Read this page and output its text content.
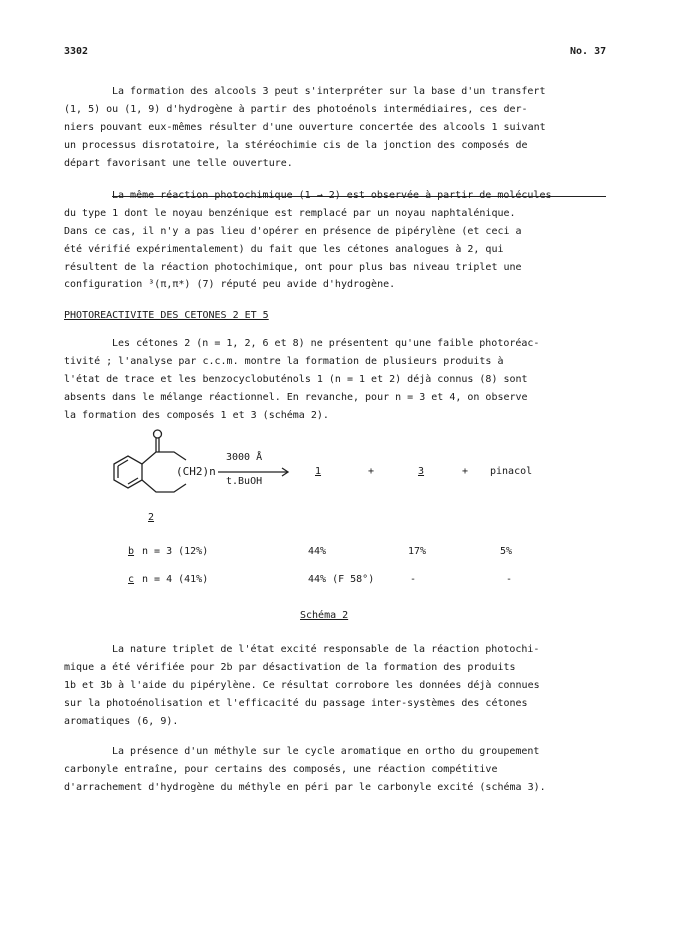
3302	No. 37
La formation des alcools 3 peut s'interpréter sur la base d'un transfert
(1, 5) ou (1, 9) d'hydrogène à partir des photoénols intermédiaires, ces der-
niers pouvant eux-mêmes résulter d'une ouverture concertée des alcools 1 suivant
un processus disrotatoire, la stéréochimie cis de la jonction des composés de
départ favorisant une telle ouverture.
du type 1 dont le noyau benzénique est remplacé par un noyau naphtalénique.
Dans ce cas, il n'y a pas lieu d'opérer en présence de pipérylène (et ceci a
été vérifié expérimentalement) du fait que les cétones analogues à 2, qui
résultent de la réaction photochimique, ont pour plus bas niveau triplet une
configuration ³(π,π*) (7) réputé peu avide d'hydrogène.
PHOTOREACTIVITE DES CETONES 2 ET 5
Les cétones 2 (n = 1, 2, 6 et 8) ne présentent qu'une faible photoréac-
tivité ; l'analyse par c.c.m. montre la formation de plusieurs produits à
l'état de trace et les benzocyclobuténols 1 (n = 1 et 2) déjà connus (8) sont
absents dans le mélange réactionnel. En revanche, pour n = 3 et 4, on observe
la formation des composés 1 et 3 (schéma 2).
(CH2)n
3000 Å
t.BuOH
1	+	3	+ pinacol
2
b n = 3 (12%)	44%	17%	5%
c n = 4 (41%)	44% (F 58°)	-	-
Schéma 2
La nature triplet de l'état excité responsable de la réaction photochi-
mique a été vérifiée pour 2b par désactivation de la formation des produits
1b et 3b à l'aide du pipérylène. Ce résultat corrobore les données déjà connues
sur la photoénolisation et l'efficacité du passage inter-systèmes des cétones
aromatiques (6, 9).
La présence d'un méthyle sur le cycle aromatique en ortho du groupement
carbonyle entraîne, pour certains des composés, une réaction compétitive
d'arrachement d'hydrogène du méthyle en péri par le carbonyle excité (schéma 3).
